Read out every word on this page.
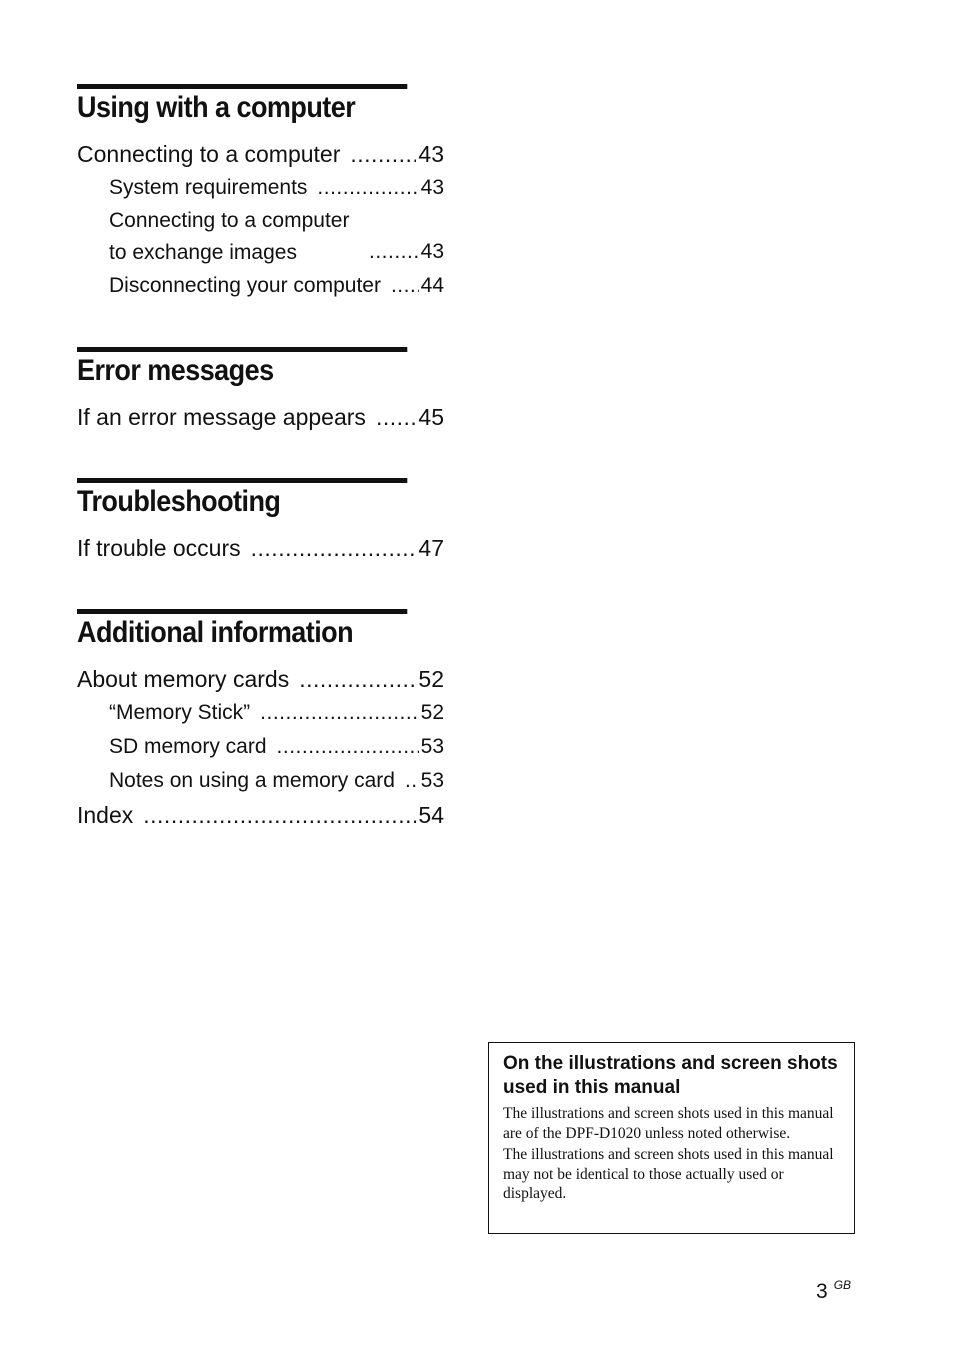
Using with a computer
Connecting to a computer .....	43
System requirements .....	43
Connecting to a computer to exchange images .....	43
Disconnecting your computer ..... 44
Error messages
If an error message appears ..... 45
Troubleshooting
If trouble occurs .....	47
Additional information
About memory cards .....	52
“Memory Stick” .....	52
SD memory card .....	53
Notes on using a memory card ..... 53
Index .....	54
On the illustrations and screen shots used in this manual

The illustrations and screen shots used in this manual are of the DPF-D1020 unless noted otherwise.

The illustrations and screen shots used in this manual may not be identical to those actually used or displayed.

3 $^{GB}$
